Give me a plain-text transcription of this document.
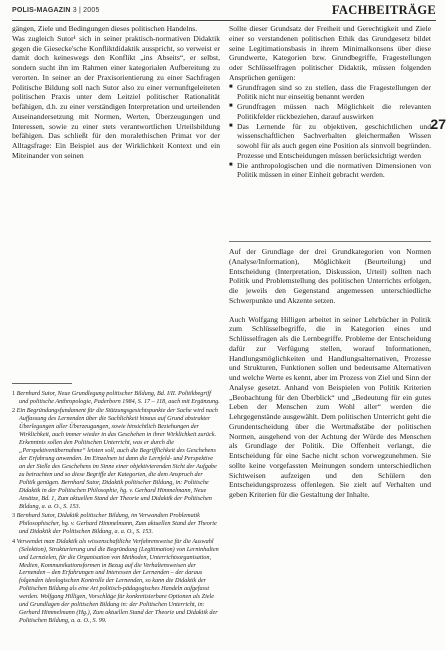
POLIS-MAGAZIN 3 | 2005	FACHBEITRÄGE
27

gängen, Ziele und Bedingungen dieses politischen Handelns.

Was zugleich Sutor¹ sich in seiner praktisch-normativen Didaktik gegen die Giesecke'sche Konfliktdidaktik ausspricht, so verweist er damit doch keineswegs den Konflikt „ins Abseits“, er selbst, sondern sucht ihn im Rahmen einer kategorialen Aufbereitung zu verorten. In seiner an der Praxisorientierung zu einer Sachfragen Politische Bildung soll nach Sutor also zu einer vernunftgeleiteten politischen Praxis unter dem Leitziel politischer Rationalität befähigen, d.h. zu einer verständigen Interpretation und urteilenden Auseinandersetzung mit Normen, Werten, Überzeugungen und Interessen, sowie zu einer stets verantwortlichen Urteilsbildung befähigen. Das schließt für den moralethischen Primat vor der Alltagsfrage: Ein Beispiel aus der Wirklichkeit Kontext und ein Miteinander von seinen

1 Bernhard Sutor, Neue Grundlegung politischer Bildung, Bd. I/II. Politikbegriff und politische Anthropologie, Paderborn 1984, S. 17 – 118, auch mit Ergänzung.

2 Ein Begründungsfundament für die Stützungsgesichtspunkte der Sache wird nach Auffassung des Lernenden über die Sachlichkeit hinaus auf Grund abstrakter Überlegungen aller Überzeugungen, sowie hinsichtlich Beziehungen der Wirklichkeit, auch immer wieder in das Geschehen in ihrer Wirklichkeit zurück. Erkenntnis sollen den Politischen Unterricht, was er durch die „Perspektivenübernahme“ leisten soll, auch die Begrifflichkeit des Geschehens der Erfahrung anwenden. Im Einzelnen ist dann die Lernfeld- und Perspektive an der Stelle des Geschehens im Sinne einer objektivierenden Sicht der Aufgabe zu betrachten und so diese Begriffe der Kategorien, die dem Anspruch der Politik genügen. Bernhard Sutor, Didaktik politischer Bildung, in: Politische Didaktik in der Politischen Philosophie, hg. v. Gerhard Himmelmann, Neue Ansätze, Bd. 1, Zum aktuellen Stand der Theorie und Didaktik der Politischen Bildung, a. a. O., S. 153.

3 Bernhard Sutor, Didaktik politischer Bildung, im Verwandten Problematik Philosophischer, hg. v. Gerhard Himmelmann, Zum aktuellen Stand der Theorie und Didaktik der Politischen Bildung, a. a. O., S. 153.

4 Verwendet man Didaktik als wissenschaftliche Verfahrensweise für die Auswahl (Selektion), Strukturierung und die Begründung (Legitimation) von Lerninhalten und Lernzielen, für die Organisation von Methoden, Unterrichtsorganisation, Medien, Kommunikationsformen in Bezug auf die Verhaltensweisen der Lernenden – den Erfahrungen und Interessen der Lernenden – der daraus folgenden ideologischen Kontrolle der Lernenden, so kann die Didaktik der Politischen Bildung als eine Art politisch-pädagogisches Handeln aufgefasst werden. Wolfgang Hilligen, Vorschläge für konkretisierbare Optionen als Ziele und Grundlagen der politischen Bildung in: der Politischen Unterricht, in: Gerhard Himmelmann (Hg.), Zum aktuellen Stand der Theorie und Didaktik der Politischen Bildung, a. a. O., S. 99.

Sollte dieser Grundsatz der Freiheit und Gerechtigkeit und Ziele einer so verstandenen politischen Ethik das Grundgesetz bildet seine Legitimationsbasis in ihrem Minimalkonsens über diese Grundwerte, Kategorien bzw. Grundbegriffe, Fragestellungen oder Schlüsselfragen politischer Didaktik, müssen folgenden Ansprüchen genügen:

■ Grundfragen sind so zu stellen, dass die Fragestellungen der Politik nicht nur einseitig benannt werden
■ Grundfragen müssen nach Möglichkeit die relevanten Politikfelder rückbeziehen, darauf auswirken
■ Das Lernende für zu objektiven, geschichtlichen und wissenschaftlichen Sachverhalten gleichermaßen Wissen sowohl für als auch gegen eine Position als sinnvoll begründen. Prozesse und Entscheidungen müssen berücksichtigt werden
■ Die anthropologischen und die normativen Dimensionen von Politik müssen in einer Einheit gebracht werden.

Auf der Grundlage der drei Grundkategorien von Normen (Analyse/Information), Möglichkeit (Beurteilung) und Entscheidung (Interpretation, Diskussion, Urteil) sollten nach Politik und Problemstellung des politischen Unterrichts erfolgen, die jeweils den Gegenstand angemessen unterschiedliche Schwerpunkte und Akzente setzen.

Auch Wolfgang Hilligen arbeitet in seiner Lehrbücher in Politik zum Schlüsselbegriffe, die in Kategorien eines und Schlüsselfragen als die Lernbegriffe. Probleme der Entscheidung dafür zur Verfügung stellen, worauf Informationen, Handlungsmöglichkeiten und Handlungsalternativen, Prozesse und Strukturen, Funktionen sollen und bedeutsame Alternativen und welche Werte es kennt, aber im Prozess von Ziel und Sinn der Analyse gesetzt. Anhand von Beispielen von Politik Kriterien „Beobachtung für den Überblick“ und „Bedeutung für ein gutes Leben der Menschen zum Wohl aller“ werden die Lehrgegenstände ausgewählt. Dem politischen Unterricht geht die Grundentscheidung über die Wertmaßstäbe der politischen Normen, ausgehend von der Achtung der Würde des Menschen als Grundlage der Politik. Die Offenheit verlangt, die Entscheidung für eine Sache nicht schon vorwegzunehmen. Sie sollte keine vorgefassten Meinungen sondern unterschiedlichen Sichtweisen aufzeigen und den Schülern den Entscheidungsprozess offenlegen. Sie zielt auf Verhalten und geben Kriterien für die Gestaltung der Inhalte.
